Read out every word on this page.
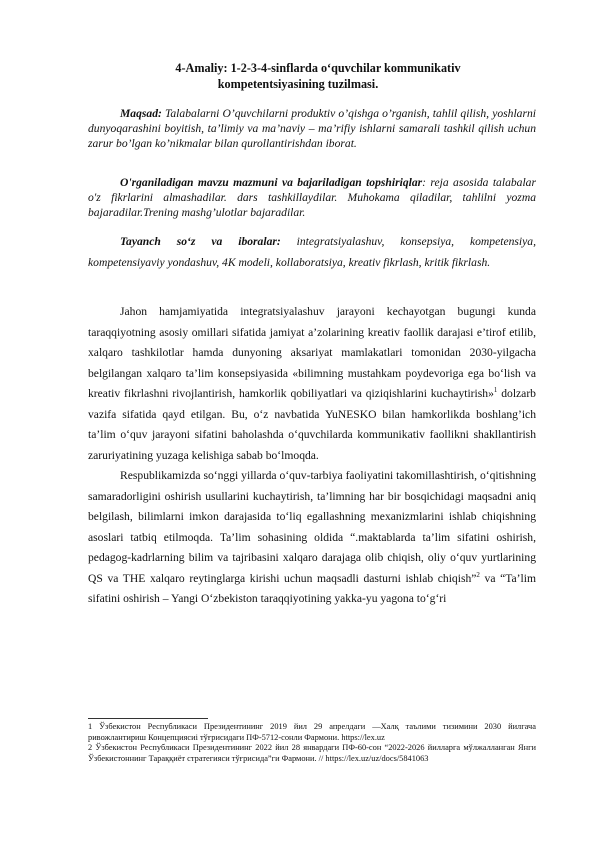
4-Amaliy: 1-2-3-4-sinflarda o‘quvchilar kommunikativ
kompetentsiyasining tuzilmasi.
Maqsad: Talabalarni O’quvchilarni produktiv o’qishga o’rganish, tahlil qilish, yoshlarni dunyoqarashini boyitish, ta’limiy va ma’naviy – ma’rifiy ishlarni samarali tashkil qilish uchun zarur bo’lgan ko’nikmalar bilan qurollantirishdan iborat.
O'rganiladigan mavzu mazmuni va bajariladigan topshiriqlar: reja asosida talabalar o'z fikrlarini almashadilar. dars tashkillaydilar. Muhokama qiladilar, tahlilni yozma bajaradilar.Trening mashg’ulotlar bajaradilar.

Tayanch so‘z va iboralar: integratsiyalashuv, konsepsiya, kompetensiya, kompetensiyaviy yondashuv, 4K modeli, kollaboratsiya, kreativ fikrlash, kritik fikrlash.

Jahon hamjamiyatida integratsiyalashuv jarayoni kechayotgan bugungi kunda taraqqiyotning asosiy omillari sifatida jamiyat a’zolarining kreativ faollik darajasi e’tirof etilib, xalqaro tashkilotlar hamda dunyoning aksariyat mamlakatlari tomonidan 2030-yilgacha belgilangan xalqaro ta’lim konsepsiyasida «bilimning mustahkam poydevoriga ega bo‘lish va kreativ fikrlashni rivojlantirish, hamkorlik qobiliyatlari va qiziqishlarini kuchaytirish»$^1$ dolzarb vazifa sifatida qayd etilgan. Bu, o‘z navbatida YuNESKO bilan hamkorlikda boshlang’ich ta’lim o‘quv jarayoni sifatini baholashda o‘quvchilarda kommunikativ faollikni shakllantirish zaruriyatining yuzaga kelishiga sabab bo‘lmoqda.

Respublikamizda so‘nggi yillarda o‘quv-tarbiya faoliyatini takomillashtirish, o‘qitishning samaradorligini oshirish usullarini kuchaytirish, ta’limning har bir bosqichidagi maqsadni aniq belgilash, bilimlarni imkon darajasida to‘liq egallashning mexanizmlarini ishlab chiqishning asoslari tatbiq etilmoqda. Ta’lim sohasining oldida “.maktablarda ta’lim sifatini oshirish, pedagog-kadrlarning bilim va tajribasini xalqaro darajaga olib chiqish, oliy o‘quv yurtlarining QS va THE xalqaro reytinglarga kirishi uchun maqsadli dasturni ishlab chiqish”$^2$ va “Ta’lim sifatini oshirish – Yangi O‘zbekiston taraqqiyotining yakka-yu yagona to‘g‘ri

1 Ўзбекистон Республикаси Президентининг 2019 йил 29 апрелдаги ―Халқ таълими тизимини 2030 йилгача ривожлантириш Концепциясиі тўғрисидаги ПФ-5712-сонли Фармони. https://lex.uz

2 Ўзбекистон Республикаси Президентининг 2022 йил 28 январдаги ПФ-60-сон “2022-2026 йилларга мўлжалланган Янги Ўзбекистоннинг Тараққиёт стратегияси тўғрисида”ги Фармони. // https://lex.uz/uz/docs/5841063
